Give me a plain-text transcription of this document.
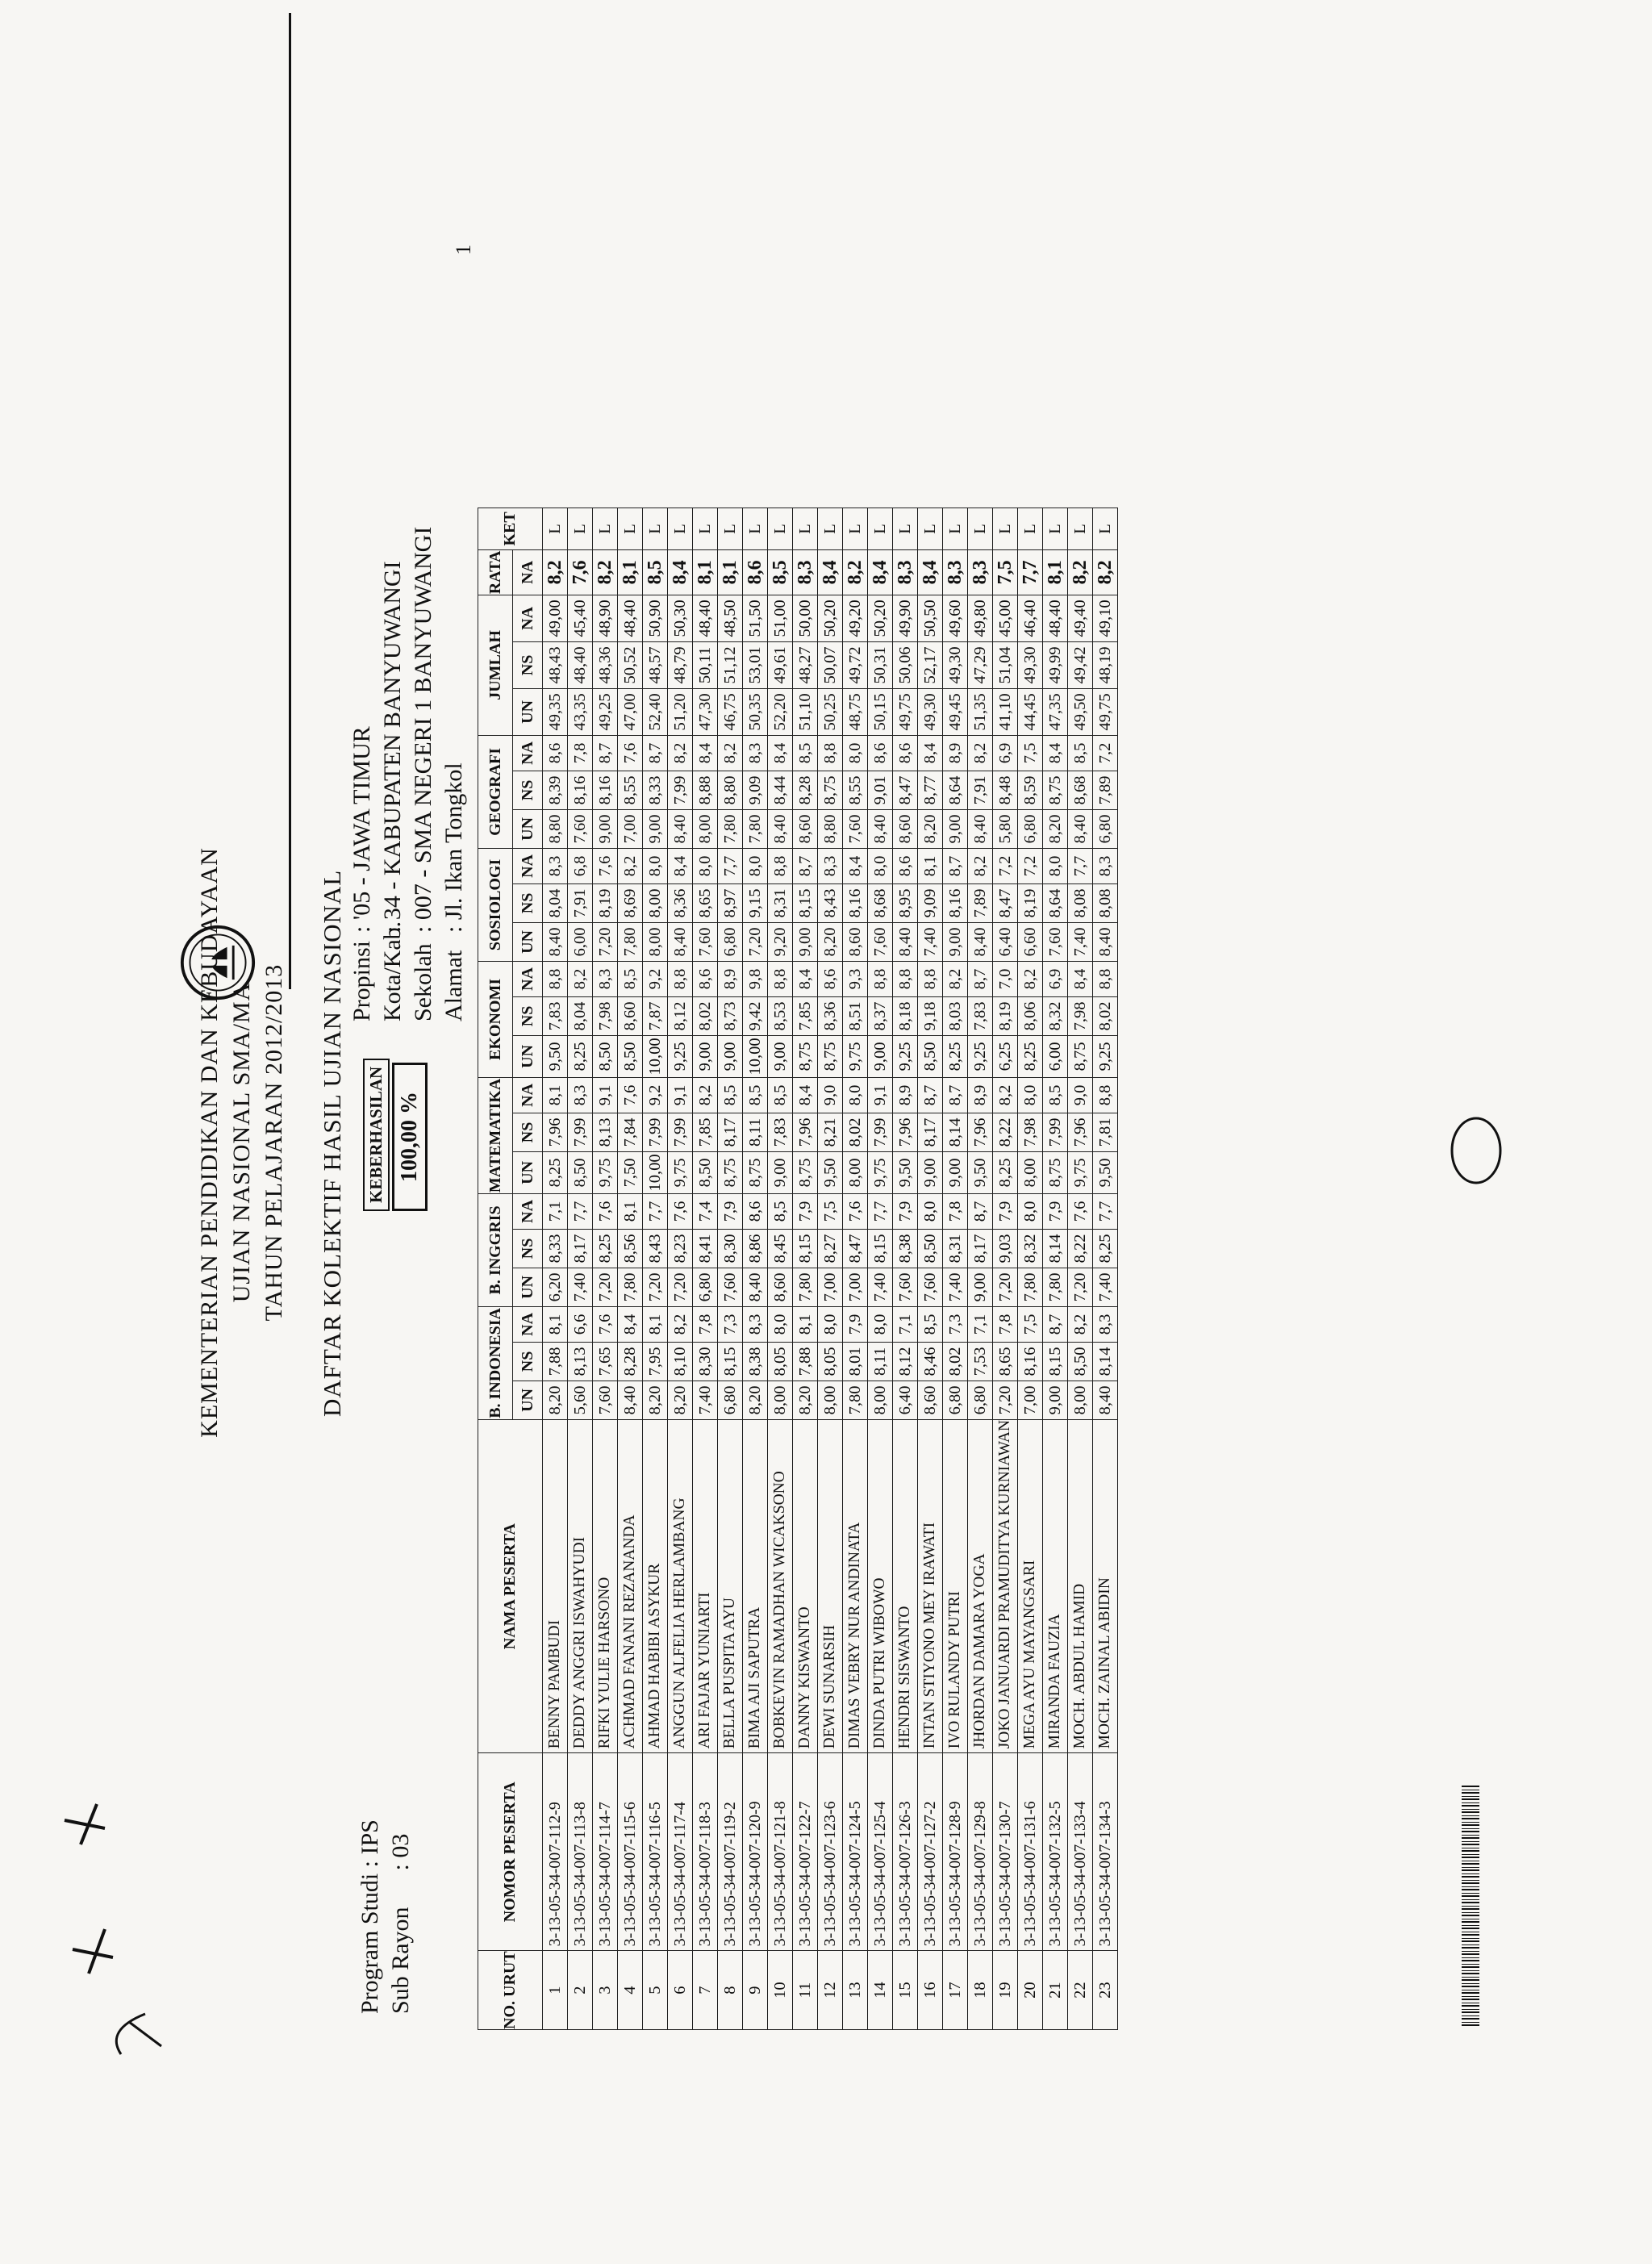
KEMENTERIAN PENDIDIKAN DAN KEBUDAYAAN UJIAN NASIONAL SMA/MA TAHUN PELAJARAN 2012/2013 DAFTAR KOLEKTIF HASIL UJIAN NASIONAL KEBERHASILAN 100,00 %
Propinsi: '05 - JAWA TIMUR
Kota/Kab.: 34 - KABUPATEN BANYUWANGI
Sekolah: 007 - SMA NEGERI 1 BANYUWANGI
Alamat: Jl. Ikan Tongkol
Program Studi : IPS Sub Rayon      : 03
1
NO. URUT	NOMOR PESERTA	NAMA PESERTA	B. INDONESIA			B. INGGRIS			MATEMATIKA			EKONOMI			SOSIOLOGI			GEOGRAFI			JUMLAH			RATA	KET
			UN	NS	NA	UN	NS	NA	UN	NS	NA	UN	NS	NA	UN	NS	NA	UN	NS	NA	UN	NS	NA	NA	
1	3-13-05-34-007-112-9	BENNY PAMBUDI	8,20	7,88	8,1	6,20	8,33	7,1	8,25	7,96	8,1	9,50	7,83	8,8	8,40	8,04	8,3	8,80	8,39	8,6	49,35	48,43	49,00	8,2	L
2	3-13-05-34-007-113-8	DEDDY ANGGRI ISWAHYUDI	5,60	8,13	6,6	7,40	8,17	7,7	8,50	7,99	8,3	8,25	8,04	8,2	6,00	7,91	6,8	7,60	8,16	7,8	43,35	48,40	45,40	7,6	L
3	3-13-05-34-007-114-7	RIFKI YULIE HARSONO	7,60	7,65	7,6	7,20	8,25	7,6	9,75	8,13	9,1	8,50	7,98	8,3	7,20	8,19	7,6	9,00	8,16	8,7	49,25	48,36	48,90	8,2	L
4	3-13-05-34-007-115-6	ACHMAD FANANI REZANANDA	8,40	8,28	8,4	7,80	8,56	8,1	7,50	7,84	7,6	8,50	8,60	8,5	7,80	8,69	8,2	7,00	8,55	7,6	47,00	50,52	48,40	8,1	L
5	3-13-05-34-007-116-5	AHMAD HABIBI ASYKUR	8,20	7,95	8,1	7,20	8,43	7,7	10,00	7,99	9,2	10,00	7,87	9,2	8,00	8,00	8,0	9,00	8,33	8,7	52,40	48,57	50,90	8,5	L
6	3-13-05-34-007-117-4	ANGGUN ALFELIA HERLAMBANG	8,20	8,10	8,2	7,20	8,23	7,6	9,75	7,99	9,1	9,25	8,12	8,8	8,40	8,36	8,4	8,40	7,99	8,2	51,20	48,79	50,30	8,4	L
7	3-13-05-34-007-118-3	ARI FAJAR YUNIARTI	7,40	8,30	7,8	6,80	8,41	7,4	8,50	7,85	8,2	9,00	8,02	8,6	7,60	8,65	8,0	8,00	8,88	8,4	47,30	50,11	48,40	8,1	L
8	3-13-05-34-007-119-2	BELLA PUSPITA AYU	6,80	8,15	7,3	7,60	8,30	7,9	8,75	8,17	8,5	9,00	8,73	8,9	6,80	8,97	7,7	7,80	8,80	8,2	46,75	51,12	48,50	8,1	L
9	3-13-05-34-007-120-9	BIMA AJI SAPUTRA	8,20	8,38	8,3	8,40	8,86	8,6	8,75	8,11	8,5	10,00	9,42	9,8	7,20	9,15	8,0	7,80	9,09	8,3	50,35	53,01	51,50	8,6	L
10	3-13-05-34-007-121-8	BOBKEVIN RAMADHAN WICAKSONO	8,00	8,05	8,0	8,60	8,45	8,5	9,00	7,83	8,5	9,00	8,53	8,8	9,20	8,31	8,8	8,40	8,44	8,4	52,20	49,61	51,00	8,5	L
11	3-13-05-34-007-122-7	DANNY KISWANTO	8,20	7,88	8,1	7,80	8,15	7,9	8,75	7,96	8,4	8,75	7,85	8,4	9,00	8,15	8,7	8,60	8,28	8,5	51,10	48,27	50,00	8,3	L
12	3-13-05-34-007-123-6	DEWI SUNARSIH	8,00	8,05	8,0	7,00	8,27	7,5	9,50	8,21	9,0	8,75	8,36	8,6	8,20	8,43	8,3	8,80	8,75	8,8	50,25	50,07	50,20	8,4	L
13	3-13-05-34-007-124-5	DIMAS VEBRY NUR ANDINATA	7,80	8,01	7,9	7,00	8,47	7,6	8,00	8,02	8,0	9,75	8,51	9,3	8,60	8,16	8,4	7,60	8,55	8,0	48,75	49,72	49,20	8,2	L
14	3-13-05-34-007-125-4	DINDA PUTRI WIBOWO	8,00	8,11	8,0	7,40	8,15	7,7	9,75	7,99	9,1	9,00	8,37	8,8	7,60	8,68	8,0	8,40	9,01	8,6	50,15	50,31	50,20	8,4	L
15	3-13-05-34-007-126-3	HENDRI SISWANTO	6,40	8,12	7,1	7,60	8,38	7,9	9,50	7,96	8,9	9,25	8,18	8,8	8,40	8,95	8,6	8,60	8,47	8,6	49,75	50,06	49,90	8,3	L
16	3-13-05-34-007-127-2	INTAN STIYONO MEY IRAWATI	8,60	8,46	8,5	7,60	8,50	8,0	9,00	8,17	8,7	8,50	9,18	8,8	7,40	9,09	8,1	8,20	8,77	8,4	49,30	52,17	50,50	8,4	L
17	3-13-05-34-007-128-9	IVO RULANDY PUTRI	6,80	8,02	7,3	7,40	8,31	7,8	9,00	8,14	8,7	8,25	8,03	8,2	9,00	8,16	8,7	9,00	8,64	8,9	49,45	49,30	49,60	8,3	L
18	3-13-05-34-007-129-8	JHORDAN DAMARA YOGA	6,80	7,53	7,1	9,00	8,17	8,7	9,50	7,96	8,9	9,25	7,83	8,7	8,40	7,89	8,2	8,40	7,91	8,2	51,35	47,29	49,80	8,3	L
19	3-13-05-34-007-130-7	JOKO JANUARDI PRAMUDITYA KURNIAWAN	7,20	8,65	7,8	7,20	9,03	7,9	8,25	8,22	8,2	6,25	8,19	7,0	6,40	8,47	7,2	5,80	8,48	6,9	41,10	51,04	45,00	7,5	L
20	3-13-05-34-007-131-6	MEGA AYU MAYANGSARI	7,00	8,16	7,5	7,80	8,32	8,0	8,00	7,98	8,0	8,25	8,06	8,2	6,60	8,19	7,2	6,80	8,59	7,5	44,45	49,30	46,40	7,7	L
21	3-13-05-34-007-132-5	MIRANDA FAUZIA	9,00	8,15	8,7	7,80	8,14	7,9	8,75	7,99	8,5	6,00	8,32	6,9	7,60	8,64	8,0	8,20	8,75	8,4	47,35	49,99	48,40	8,1	L
22	3-13-05-34-007-133-4	MOCH. ABDUL HAMID	8,00	8,50	8,2	7,20	8,22	7,6	9,75	7,96	9,0	8,75	7,98	8,4	7,40	8,08	7,7	8,40	8,68	8,5	49,50	49,42	49,40	8,2	L
23	3-13-05-34-007-134-3	MOCH. ZAINAL ABIDIN	8,40	8,14	8,3	7,40	8,25	7,7	9,50	7,81	8,8	9,25	8,02	8,8	8,40	8,08	8,3	6,80	7,89	7,2	49,75	48,19	49,10	8,2	L
